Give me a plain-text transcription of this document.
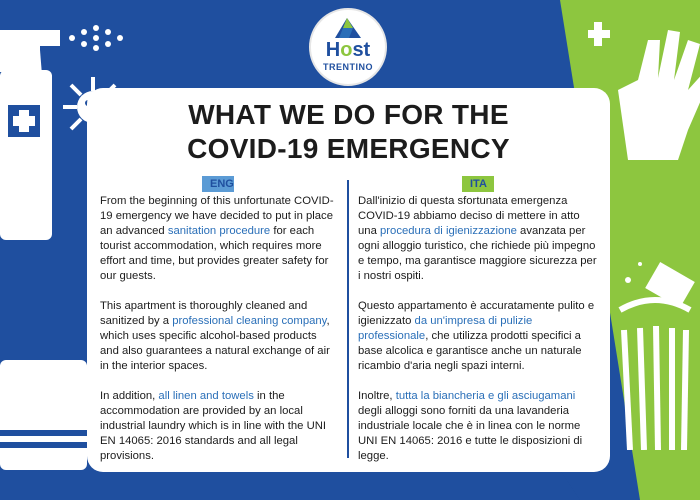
Host
TRENTINO
WHAT WE DO FOR THE
COVID-19 EMERGENCY
ENG	ITA

From the beginning of this unfortunate COVID-19 emergency we have decided to put in place an advanced sanitation procedure for each tourist accommodation, which requires more effort and time, but provides greater safety for our guests.

This apartment is thoroughly cleaned and sanitized by a professional cleaning company, which uses specific alcohol-based products and also guarantees a natural exchange of air in the interior spaces.

In addition, all linen and towels in the accommodation are provided by an local industrial laundry which is in line with the UNI EN 14065: 2016 standards and all legal provisions.

Dall'inizio di questa sfortunata emergenza COVID-19 abbiamo deciso di mettere in atto una procedura di igienizzazione avanzata per ogni alloggio turistico, che richiede più impegno e tempo, ma garantisce maggiore sicurezza per i nostri ospiti.

Questo appartamento è accuratamente pulito e igienizzato da un'impresa di pulizie professionale, che utilizza prodotti specifici a base alcolica e garantisce anche un naturale ricambio d'aria negli spazi interni.

Inoltre, tutta la biancheria e gli asciugamani degli alloggi sono forniti da una lavanderia industriale locale che è in linea con le norme UNI EN 14065: 2016 e tutte le disposizioni di legge.
